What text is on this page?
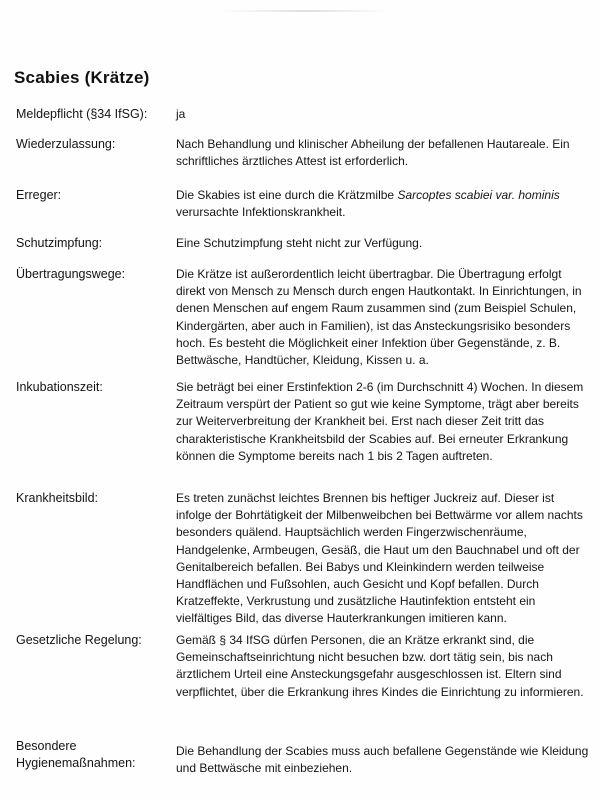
Scabies (Krätze)
Meldepflicht (§34 IfSG):	ja
Wiederzulassung:	Nach Behandlung und klinischer Abheilung der befallenen Hautareale. Ein schriftliches ärztliches Attest ist erforderlich.
Erreger:	Die Skabies ist eine durch die Krätzmilbe Sarcoptes scabiei var. hominis verursachte Infektionskrankheit.
Schutzimpfung:	Eine Schutzimpfung steht nicht zur Verfügung.
Übertragungswege:	Die Krätze ist außerordentlich leicht übertragbar. Die Übertragung erfolgt direkt von Mensch zu Mensch durch engen Hautkontakt. In Einrichtungen, in denen Menschen auf engem Raum zusammen sind (zum Beispiel Schulen, Kindergärten, aber auch in Familien), ist das Ansteckungsrisiko besonders hoch. Es besteht die Möglichkeit einer Infektion über Gegenstände, z. B. Bettwäsche, Handtücher, Kleidung, Kissen u. a.
Inkubationszeit:	Sie beträgt bei einer Erstinfektion 2-6 (im Durchschnitt 4) Wochen. In diesem Zeitraum verspürt der Patient so gut wie keine Symptome, trägt aber bereits zur Weiterverbreitung der Krankheit bei. Erst nach dieser Zeit tritt das charakteristische Krankheitsbild der Scabies auf. Bei erneuter Erkrankung können die Symptome bereits nach 1 bis 2 Tagen auftreten.
Krankheitsbild:	Es treten zunächst leichtes Brennen bis heftiger Juckreiz auf. Dieser ist infolge der Bohrtätigkeit der Milbenweibchen bei Bettwärme vor allem nachts besonders quälend. Hauptsächlich werden Fingerzwischenräume, Handgelenke, Armbeugen, Gesäß, die Haut um den Bauchnabel und oft der Genitalbereich befallen. Bei Babys und Kleinkindern werden teilweise Handflächen und Fußsohlen, auch Gesicht und Kopf befallen. Durch Kratzeffekte, Verkrustung und zusätzliche Hautinfektion entsteht ein vielfältiges Bild, das diverse Hauterkrankungen imitieren kann.
Gesetzliche Regelung:	Gemäß § 34 IfSG dürfen Personen, die an Krätze erkrankt sind, die Gemeinschaftseinrichtung nicht besuchen bzw. dort tätig sein, bis nach ärztlichem Urteil eine Ansteckungsgefahr ausgeschlossen ist. Eltern sind verpflichtet, über die Erkrankung ihres Kindes die Einrichtung zu informieren.
Besondere Hygienemaßnahmen:
Die Behandlung der Scabies muss auch befallene Gegenstände wie Kleidung und Bettwäsche mit einbeziehen.
